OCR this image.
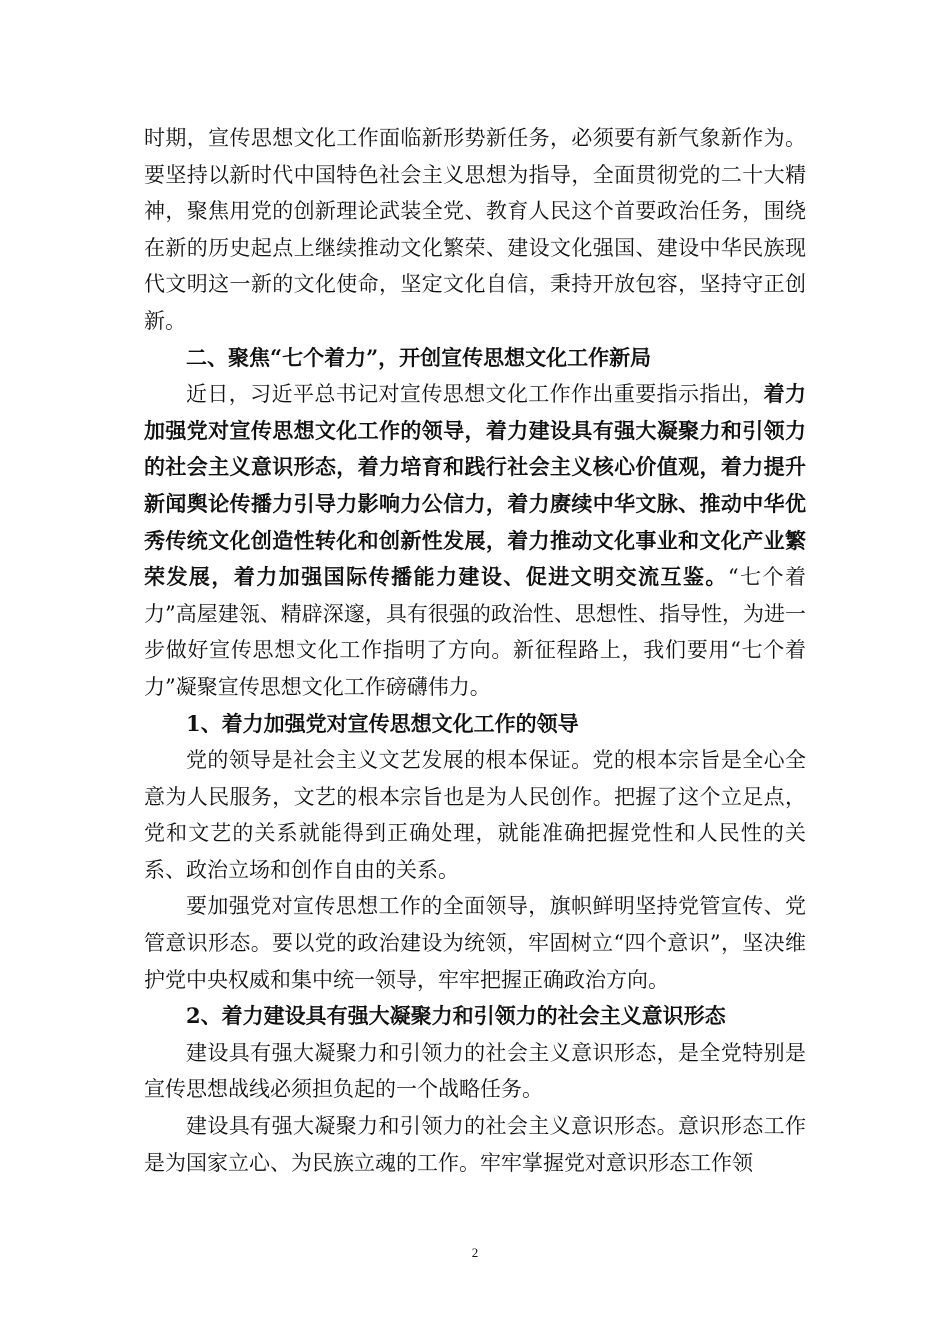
时期，宣传思想文化工作面临新形势新任务，必须要有新气象新作为。要坚持以新时代中国特色社会主义思想为指导，全面贯彻党的二十大精神，聚焦用党的创新理论武装全党、教育人民这个首要政治任务，围绕在新的历史起点上继续推动文化繁荣、建设文化强国、建设中华民族现代文明这一新的文化使命，坚定文化自信，秉持开放包容，坚持守正创新。

二、聚焦“七个着力”，开创宣传思想文化工作新局

近日，习近平总书记对宣传思想文化工作作出重要指示指出，着力加强党对宣传思想文化工作的领导，着力建设具有强大凝聚力和引领力的社会主义意识形态，着力培育和践行社会主义核心价值观，着力提升新闻舆论传播力引导力影响力公信力，着力赓续中华文脉、推动中华优秀传统文化创造性转化和创新性发展，着力推动文化事业和文化产业繁荣发展，着力加强国际传播能力建设、促进文明交流互鉴。“七个着力”高屋建瓴、精辟深邃，具有很强的政治性、思想性、指导性，为进一步做好宣传思想文化工作指明了方向。新征程路上，我们要用“七个着力”凝聚宣传思想文化工作磅礴伟力。

1、着力加强党对宣传思想文化工作的领导

党的领导是社会主义文艺发展的根本保证。党的根本宗旨是全心全意为人民服务，文艺的根本宗旨也是为人民创作。把握了这个立足点，党和文艺的关系就能得到正确处理，就能准确把握党性和人民性的关系、政治立场和创作自由的关系。

要加强党对宣传思想工作的全面领导，旗帜鲜明坚持党管宣传、党管意识形态。要以党的政治建设为统领，牢固树立“四个意识”，坚决维护党中央权威和集中统一领导，牢牢把握正确政治方向。

2、着力建设具有强大凝聚力和引领力的社会主义意识形态

建设具有强大凝聚力和引领力的社会主义意识形态，是全党特别是宣传思想战线必须担负起的一个战略任务。

建设具有强大凝聚力和引领力的社会主义意识形态。意识形态工作是为国家立心、为民族立魂的工作。牢牢掌握党对意识形态工作领

2
